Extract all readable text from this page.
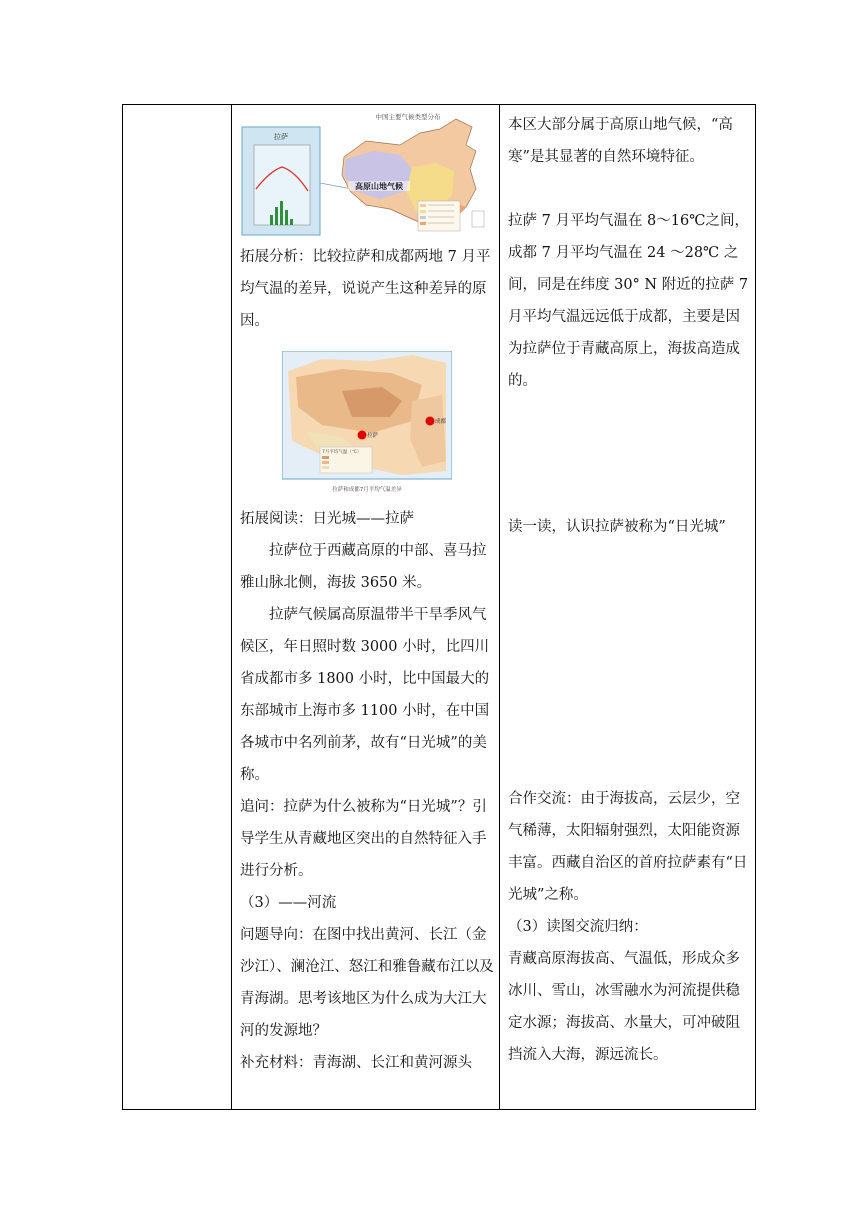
拉萨
中国主要气候类型分布
高原山地气候

拓展分析：比较拉萨和成都两地 7 月平均气温的差异，说说产生这种差异的原因。

成都
拉萨
7月平均气温（℃）
拉萨和成都7月平均气温差异

拓展阅读：日光城——拉萨

拉萨位于西藏高原的中部、喜马拉雅山脉北侧，海拔 3650 米。

拉萨气候属高原温带半干旱季风气候区，年日照时数 3000 小时，比四川省成都市多 1800 小时，比中国最大的东部城市上海市多 1100 小时，在中国各城市中名列前茅，故有“日光城”的美称。

追问：拉萨为什么被称为“日光城”？引导学生从青藏地区突出的自然特征入手进行分析。

（3）——河流

问题导向：在图中找出黄河、长江（金沙江）、澜沧江、怒江和雅鲁藏布江以及青海湖。思考该地区为什么成为大江大河的发源地？

补充材料：青海湖、长江和黄河源头

本区大部分属于高原山地气候，“高寒”是其显著的自然环境特征。

拉萨 7 月平均气温在 8～16℃之间，成都 7 月平均气温在 24 ～28℃ 之间，同是在纬度 30° N 附近的拉萨 7 月平均气温远远低于成都，主要是因为拉萨位于青藏高原上，海拔高造成的。

读一读，认识拉萨被称为“日光城”

合作交流：由于海拔高，云层少，空气稀薄，太阳辐射强烈，太阳能资源丰富。西藏自治区的首府拉萨素有“日光城”之称。

（3）读图交流归纳：

青藏高原海拔高、气温低，形成众多冰川、雪山，冰雪融水为河流提供稳定水源；海拔高、水量大，可冲破阻挡流入大海，源远流长。
